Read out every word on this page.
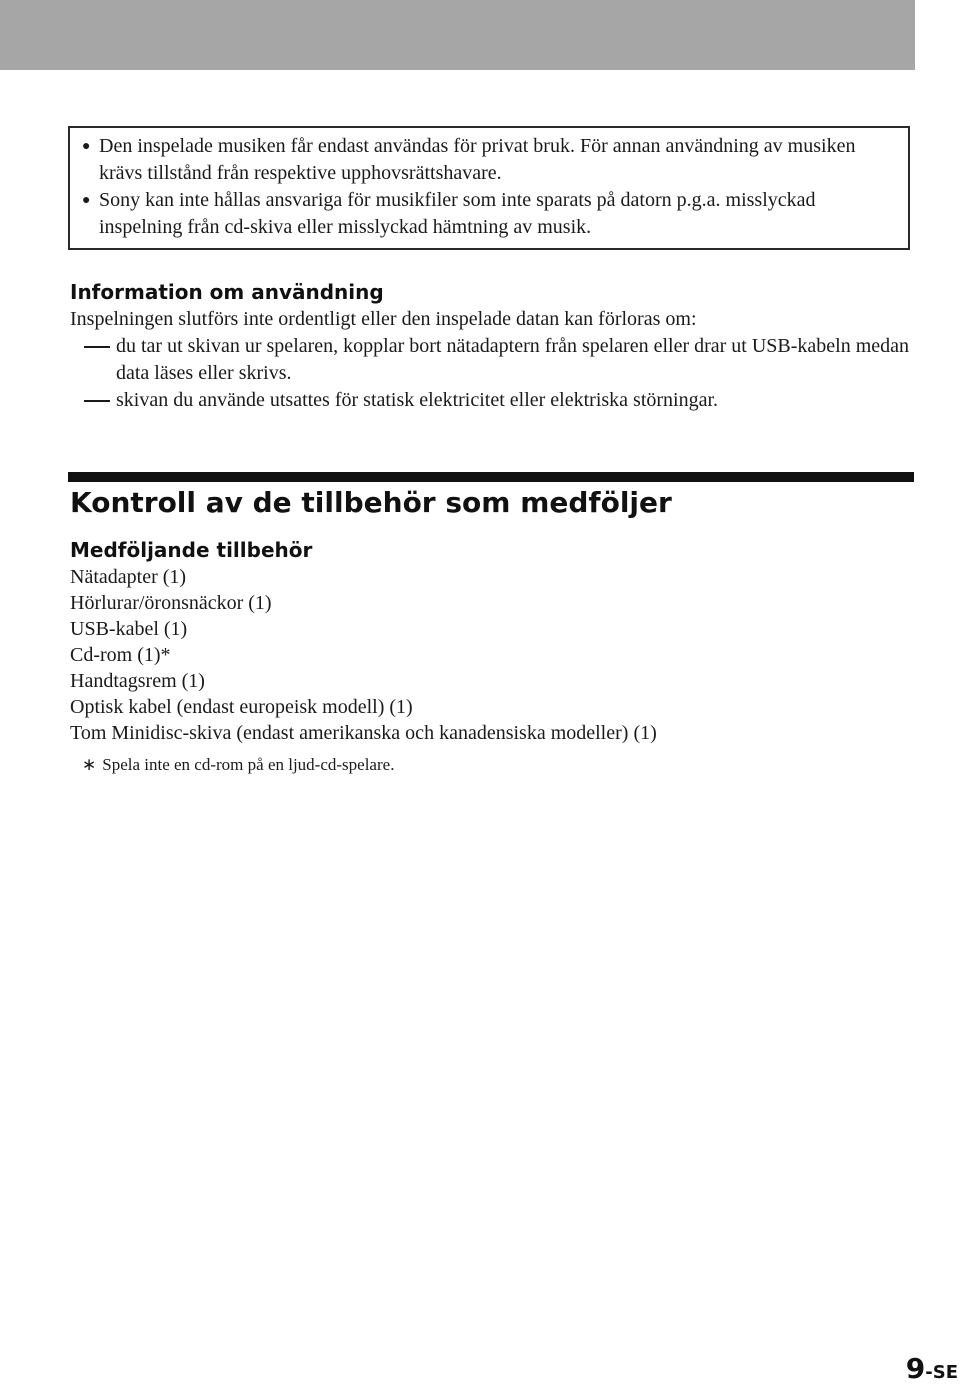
● Den inspelade musiken får endast användas för privat bruk. För annan användning av musiken krävs tillstånd från respektive upphovsrättshavare.
● Sony kan inte hållas ansvariga för musikfiler som inte sparats på datorn p.g.a. misslyckad inspelning från cd-skiva eller misslyckad hämtning av musik.
Information om användning

Inspelningen slutförs inte ordentligt eller den inspelade datan kan förloras om:

du tar ut skivan ur spelaren, kopplar bort nätadaptern från spelaren eller drar ut USB-kabeln medan data läses eller skrivs.
skivan du använde utsattes för statisk elektricitet eller elektriska störningar.
Kontroll av de tillbehör som medföljer
Medföljande tillbehör
Nätadapter (1)
Hörlurar/öronsnäckor (1)
USB-kabel (1)
Cd-rom (1)*
Handtagsrem (1)
Optisk kabel (endast europeisk modell) (1)
Tom Minidisc-skiva (endast amerikanska och kanadensiska modeller) (1)
∗ Spela inte en cd-rom på en ljud-cd-spelare.
9-SE
